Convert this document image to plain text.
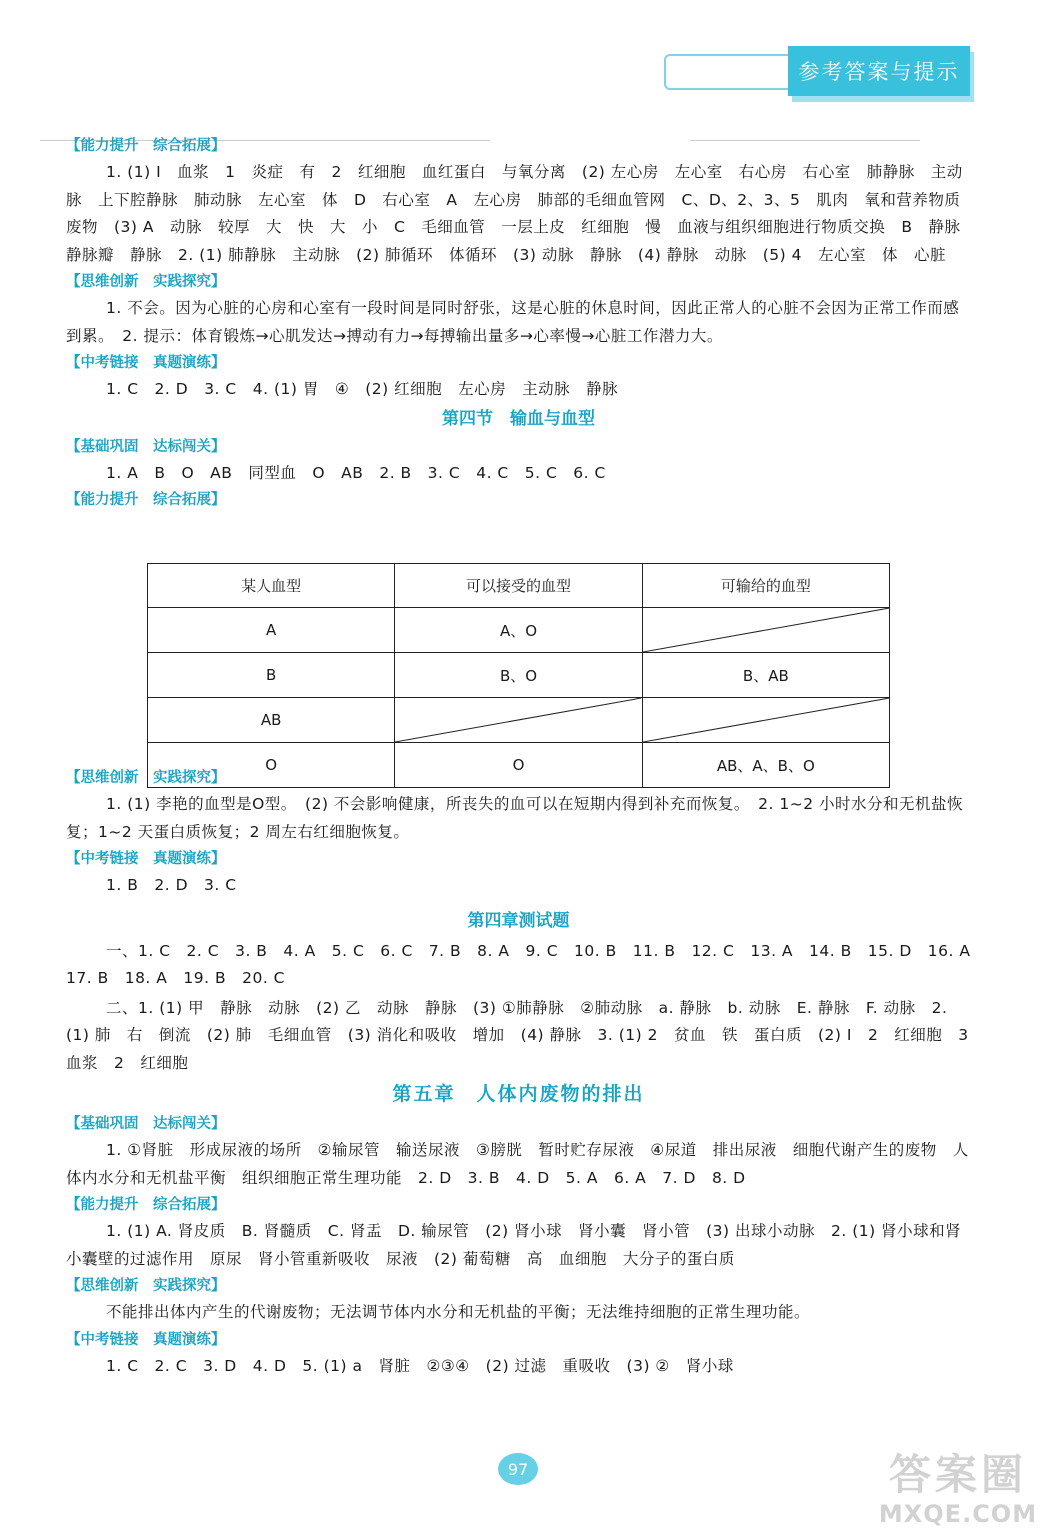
参考答案与提示

【能力提升　综合拓展】

1. (1) Ⅰ　血浆　1　炎症　有　2　红细胞　血红蛋白　与氧分离　(2) 左心房　左心室　右心房　右心室　肺静脉　主动脉　上下腔静脉　肺动脉　左心室　体　D　右心室　A　左心房　肺部的毛细血管网　C、D、2、3、5　肌肉　氧和营养物质　废物　(3) A　动脉　较厚　大　快　大　小　C　毛细血管　一层上皮　红细胞　慢　血液与组织细胞进行物质交换　B　静脉　静脉瓣　静脉　2. (1) 肺静脉　主动脉　(2) 肺循环　体循环　(3) 动脉　静脉　(4) 静脉　动脉　(5) 4　左心室　体　心脏

【思维创新　实践探究】

1. 不会。因为心脏的心房和心室有一段时间是同时舒张，这是心脏的休息时间，因此正常人的心脏不会因为正常工作而感到累。　2. 提示：体育锻炼→心肌发达→搏动有力→每搏输出量多→心率慢→心脏工作潜力大。

【中考链接　真题演练】

1. C　2. D　3. C　4. (1) 胃　④　(2) 红细胞　左心房　主动脉　静脉

第四节　输血与血型

【基础巩固　达标闯关】

1. A　B　O　AB　同型血　O　AB　2. B　3. C　4. C　5. C　6. C

【能力提升　综合拓展】

【思维创新　实践探究】

1. (1) 李艳的血型是O型。　(2) 不会影响健康，所丧失的血可以在短期内得到补充而恢复。　2. 1~2 小时水分和无机盐恢复；1~2 天蛋白质恢复；2 周左右红细胞恢复。

【中考链接　真题演练】

1. B　2. D　3. C

第四章测试题

一、1. C　2. C　3. B　4. A　5. C　6. C　7. B　8. A　9. C　10. B　11. B　12. C　13. A　14. B　15. D　16. A　17. B　18. A　19. B　20. C

二、1. (1) 甲　静脉　动脉　(2) 乙　动脉　静脉　(3) ①肺静脉　②肺动脉　a. 静脉　b. 动脉　E. 静脉　F. 动脉　2. (1) 肺　右　倒流　(2) 肺　毛细血管　(3) 消化和吸收　增加　(4) 静脉　3. (1) 2　贫血　铁　蛋白质　(2) Ⅰ　2　红细胞　3　血浆　2　红细胞

第五章　人体内废物的排出

【基础巩固　达标闯关】

1. ①肾脏　形成尿液的场所　②输尿管　输送尿液　③膀胱　暂时贮存尿液　④尿道　排出尿液　细胞代谢产生的废物　人体内水分和无机盐平衡　组织细胞正常生理功能　2. D　3. B　4. D　5. A　6. A　7. D　8. D

【能力提升　综合拓展】

1. (1) A. 肾皮质　B. 肾髓质　C. 肾盂　D. 输尿管　(2) 肾小球　肾小囊　肾小管　(3) 出球小动脉　2. (1) 肾小球和肾小囊壁的过滤作用　原尿　肾小管重新吸收　尿液　(2) 葡萄糖　高　血细胞　大分子的蛋白质

【思维创新　实践探究】

不能排出体内产生的代谢废物；无法调节体内水分和无机盐的平衡；无法维持细胞的正常生理功能。

【中考链接　真题演练】

1. C　2. C　3. D　4. D　5. (1) a　肾脏　②③④　(2) 过滤　重吸收　(3) ②　肾小球

某人血型	可以接受的血型	可输给的血型
A	A、O	

B	B、O	B、AB
AB	

O	O	AB、A、B、O
97	答案圈
MXQE.COM
